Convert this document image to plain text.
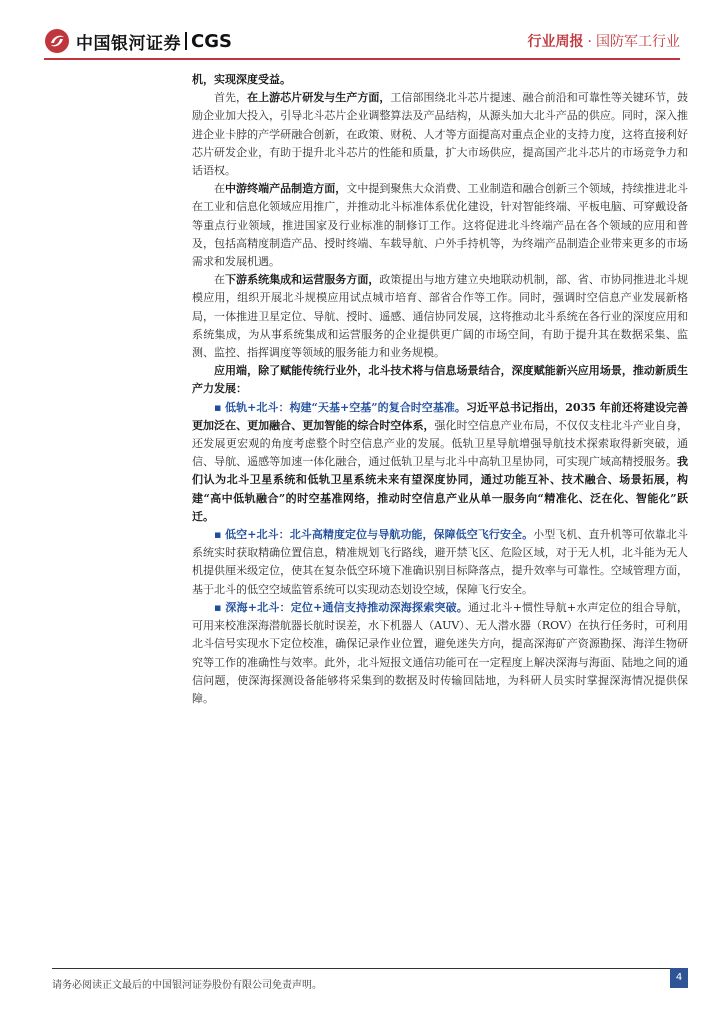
中国银河证券 CGS	行业周报 · 国防军工行业

机，实现深度受益。

首先，在上游芯片研发与生产方面，工信部围绕北斗芯片提速、融合前沿和可靠性等关键环节，鼓励企业加大投入，引导北斗芯片企业调整算法及产品结构，从源头加大北斗产品的供应。同时，深入推进企业卡脖的产学研融合创新，在政策、财税、人才等方面提高对重点企业的支持力度，这将直接利好芯片研发企业，有助于提升北斗芯片的性能和质量，扩大市场供应，提高国产北斗芯片的市场竞争力和话语权。

在中游终端产品制造方面，文中提到聚焦大众消费、工业制造和融合创新三个领域，持续推进北斗在工业和信息化领域应用推广，并推动北斗标准体系优化建设，针对智能终端、平板电脑、可穿戴设备等重点行业领域，推进国家及行业标准的制修订工作。这将促进北斗终端产品在各个领域的应用和普及，包括高精度制造产品、授时终端、车载导航、户外手持机等，为终端产品制造企业带来更多的市场需求和发展机遇。

在下游系统集成和运营服务方面，政策提出与地方建立央地联动机制，部、省、市协同推进北斗规模应用，组织开展北斗规模应用试点城市培育、部省合作等工作。同时，强调时空信息产业发展新格局，一体推进卫星定位、导航、授时、遥感、通信协同发展，这将推动北斗系统在各行业的深度应用和系统集成，为从事系统集成和运营服务的企业提供更广阔的市场空间，有助于提升其在数据采集、监测、监控、指挥调度等领域的服务能力和业务规模。

应用端，除了赋能传统行业外，北斗技术将与信息场景结合，深度赋能新兴应用场景，推动新质生产力发展：

▪ 低轨+北斗：构建“天基+空基”的复合时空基准。习近平总书记指出，2035 年前还将建设完善更加泛在、更加融合、更加智能的综合时空体系，强化时空信息产业布局，不仅仅支柱北斗产业自身，还发展更宏观的角度考虑整个时空信息产业的发展。低轨卫星导航增强导航技术探索取得新突破，通信、导航、遥感等加速一体化融合，通过低轨卫星与北斗中高轨卫星协同，可实现广域高精授服务。我们认为北斗卫星系统和低轨卫星系统未来有望深度协同，通过功能互补、技术融合、场景拓展，构建“高中低轨融合”的时空基准网络，推动时空信息产业从单一服务向“精准化、泛在化、智能化”跃迁。

▪ 低空+北斗：北斗高精度定位与导航功能，保障低空飞行安全。小型飞机、直升机等可依靠北斗系统实时获取精确位置信息，精准规划飞行路线，避开禁飞区、危险区域，对于无人机，北斗能为无人机提供厘米级定位，使其在复杂低空环境下准确识别目标降落点，提升效率与可靠性。空域管理方面，基于北斗的低空空域监管系统可以实现动态划设空域，保障飞行安全。

▪ 深海+北斗：定位+通信支持推动深海探索突破。通过北斗+惯性导航+水声定位的组合导航，可用来校准深海潜航器长航时误差，水下机器人（AUV）、无人潜水器（ROV）在执行任务时，可利用北斗信号实现水下定位校准，确保记录作业位置，避免迷失方向，提高深海矿产资源勘探、海洋生物研究等工作的准确性与效率。此外，北斗短报文通信功能可在一定程度上解决深海与海面、陆地之间的通信问题，使深海探测设备能够将采集到的数据及时传输回陆地，为科研人员实时掌握深海情况提供保障。

请务必阅读正文最后的中国银河证券股份有限公司免责声明。
4
